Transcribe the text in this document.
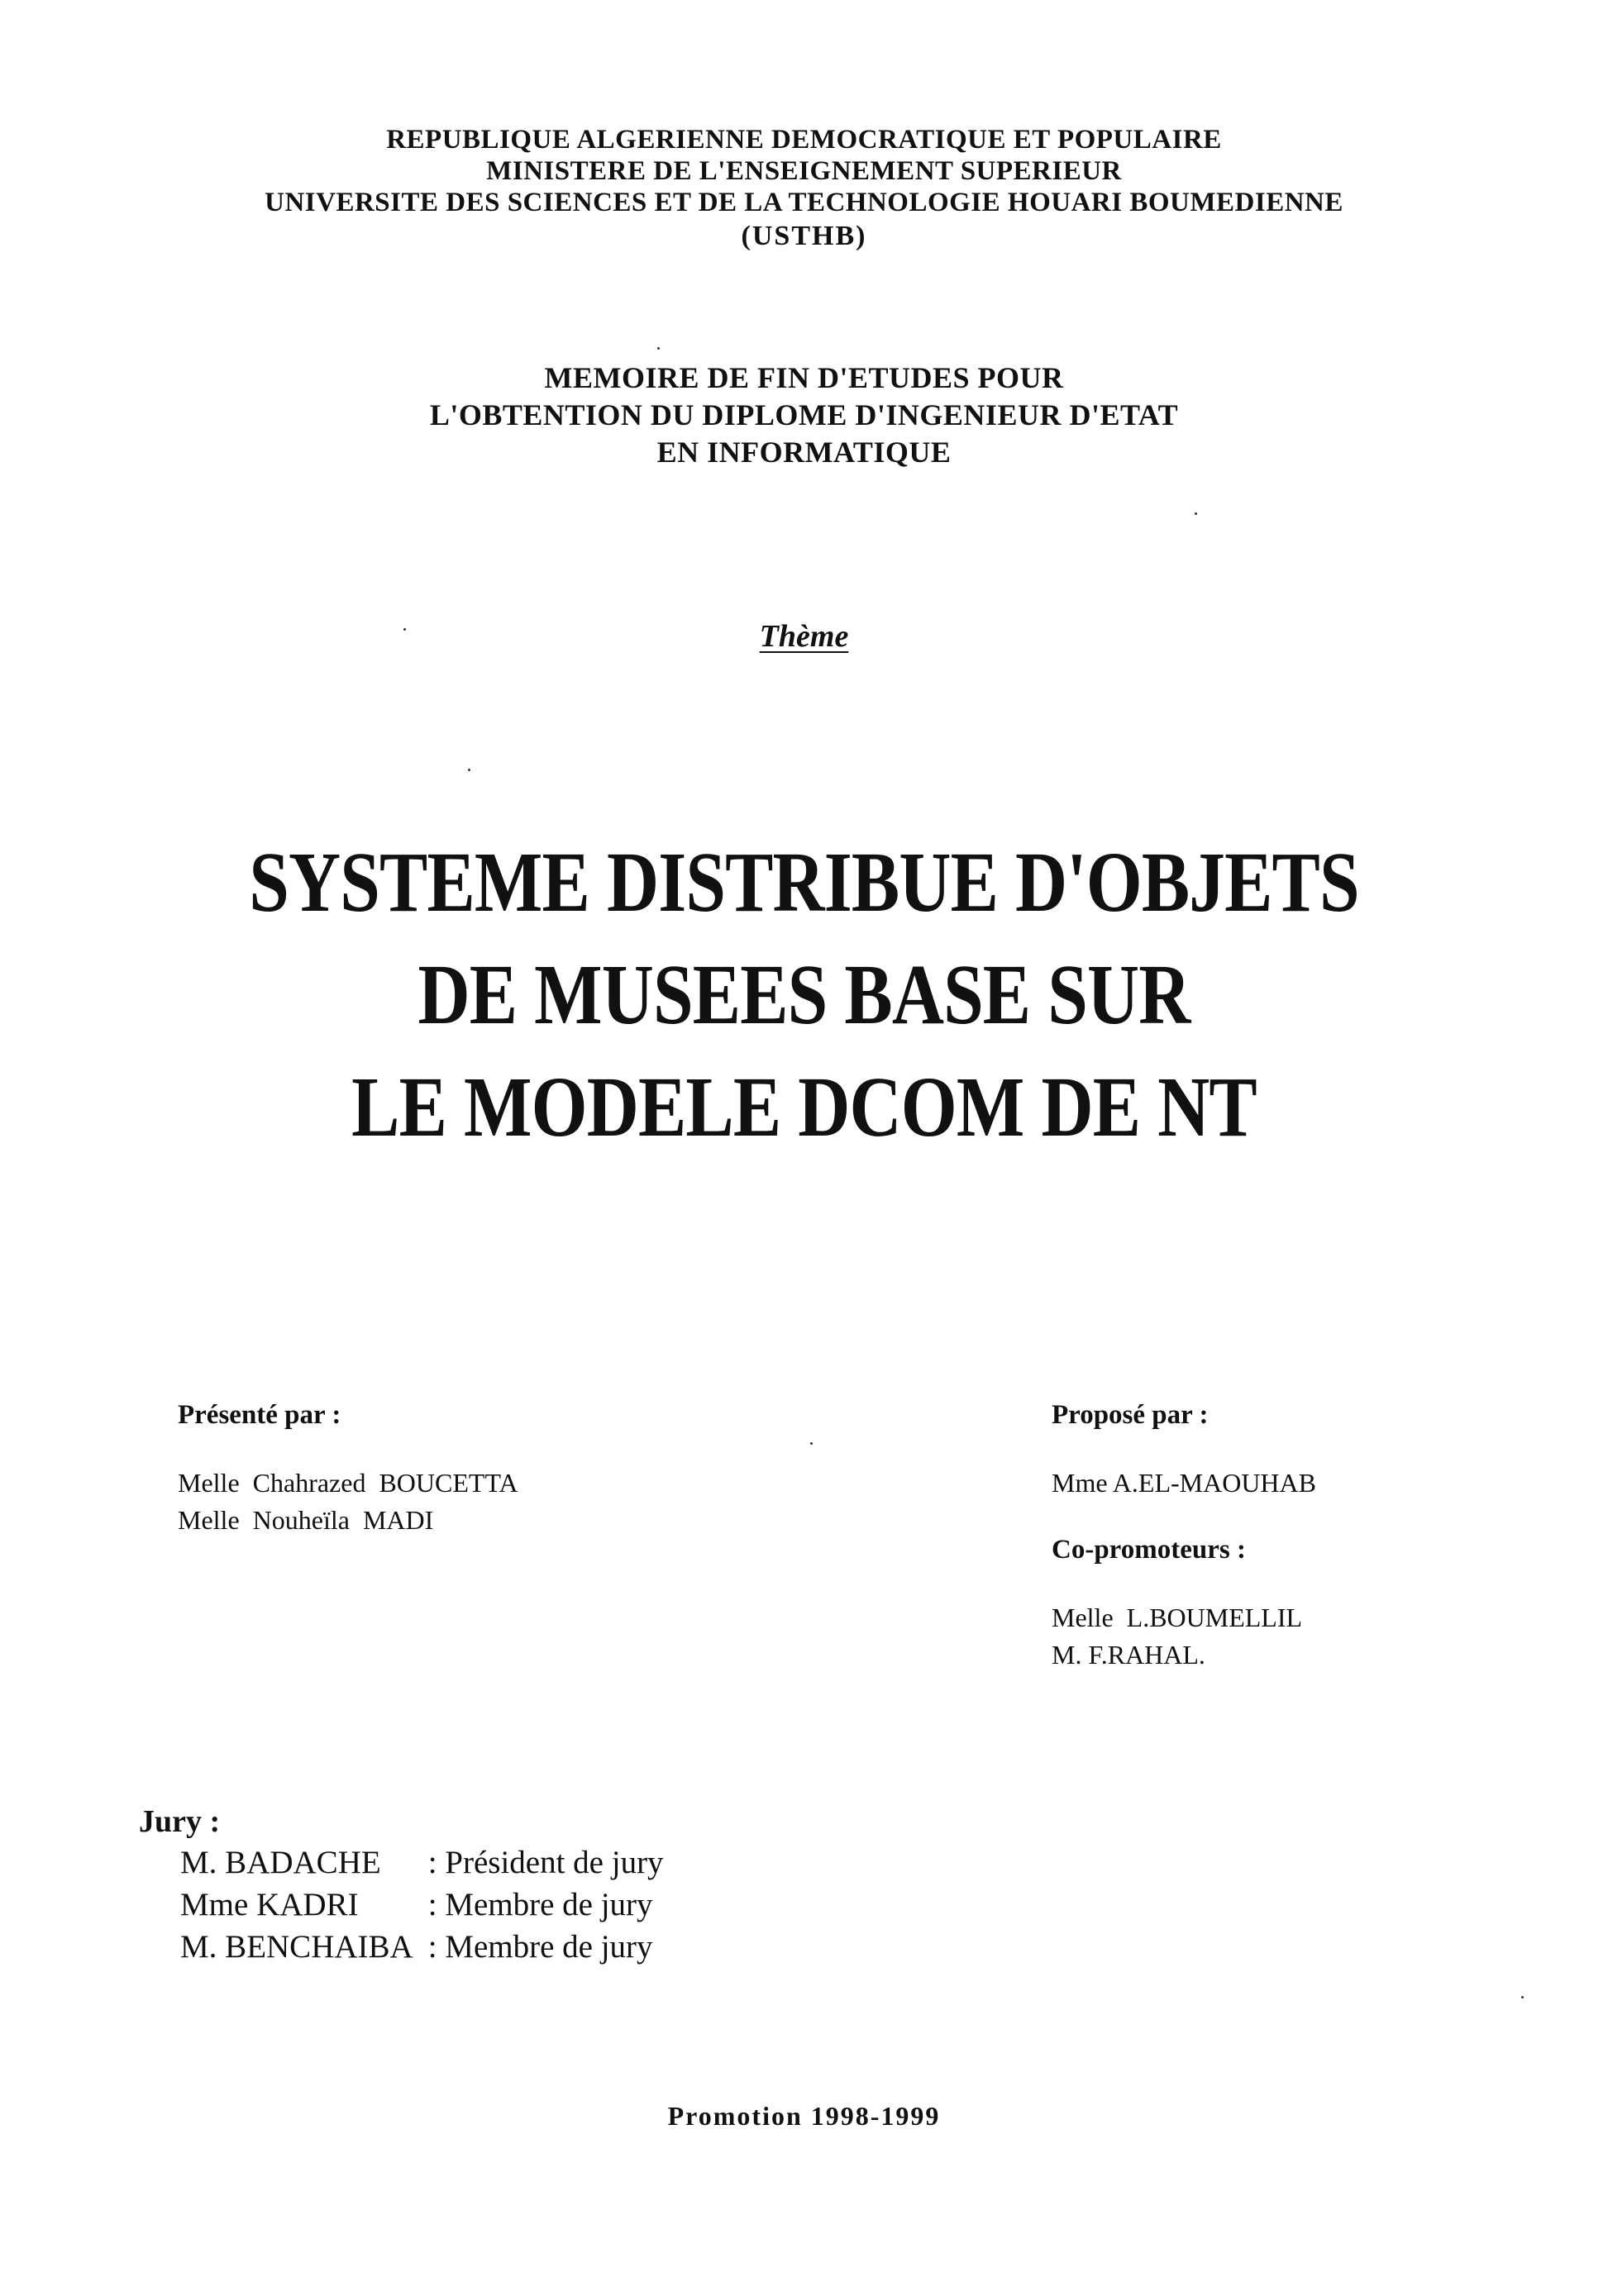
REPUBLIQUE ALGERIENNE DEMOCRATIQUE ET POPULAIRE
MINISTERE DE L'ENSEIGNEMENT SUPERIEUR
UNIVERSITE DES SCIENCES ET DE LA TECHNOLOGIE HOUARI BOUMEDIENNE
(USTHB)
MEMOIRE DE FIN D'ETUDES POUR
L'OBTENTION DU DIPLOME D'INGENIEUR D'ETAT
EN INFORMATIQUE
Thème
SYSTEME DISTRIBUE D'OBJETS
DE MUSEES BASE SUR
LE MODELE DCOM DE NT
Présenté par :
Melle  Chahrazed  BOUCETTA
Melle  Nouheïla  MADI
Proposé par :
Mme A.EL-MAOUHAB
Co-promoteurs :
Melle  L.BOUMELLIL
M. F.RAHAL.
Jury :
M. BADACHE	: Président de jury
Mme KADRI	: Membre de jury
M. BENCHAIBA	: Membre de jury
Promotion 1998-1999
